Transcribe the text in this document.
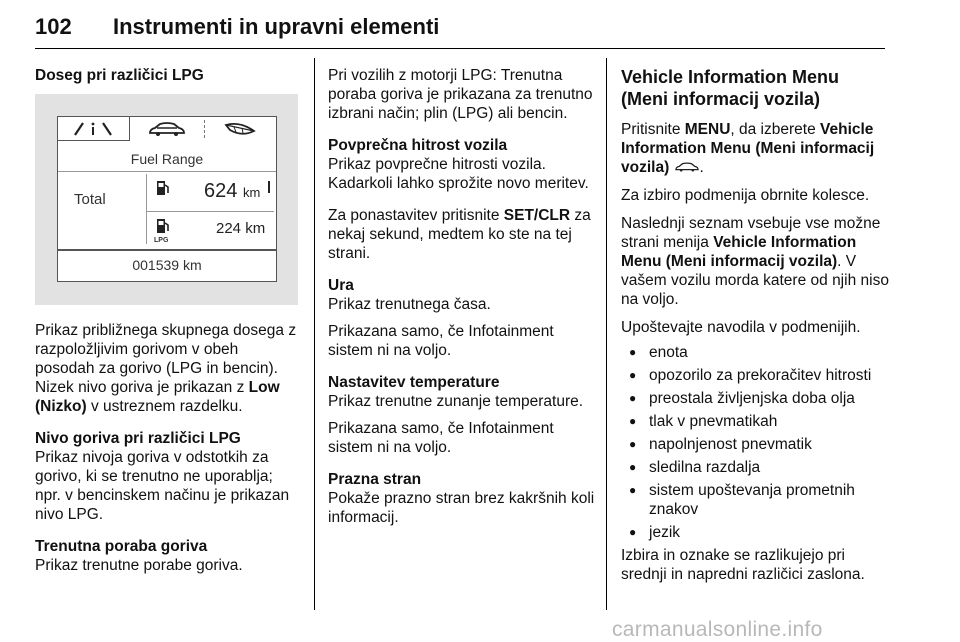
102 Instrumenti in upravni elementi
Doseg pri različici LPG
Fuel Range
Total	624 km
LPG
224 km
001539 km

Prikaz približnega skupnega dosega z razpoložljivim gorivom v obeh posodah za gorivo (LPG in bencin). Nizek nivo goriva je prikazan z Low (Nizko) v ustreznem razdelku.

Nivo goriva pri različici LPG

Prikaz nivoja goriva v odstotkih za gorivo, ki se trenutno ne uporablja; npr. v bencinskem načinu je prikazan nivo LPG.

Trenutna poraba goriva

Prikaz trenutne porabe goriva.

Pri vozilih z motorji LPG: Trenutna poraba goriva je prikazana za trenutno izbrani način; plin (LPG) ali bencin.

Povprečna hitrost vozila

Prikaz povprečne hitrosti vozila. Kadarkoli lahko sprožite novo meritev.

Za ponastavitev pritisnite SET/CLR za nekaj sekund, medtem ko ste na tej strani.

Ura

Prikaz trenutnega časa.

Prikazana samo, če Infotainment sistem ni na voljo.

Nastavitev temperature

Prikaz trenutne zunanje temperature.

Prikazana samo, če Infotainment sistem ni na voljo.

Prazna stran

Pokaže prazno stran brez kakršnih koli informacij.

Vehicle Information Menu (Meni informacij vozila)

Pritisnite MENU, da izberete Vehicle Information Menu (Meni informacij vozila) .

Za izbiro podmenija obrnite kolesce.

Naslednji seznam vsebuje vse možne strani menija Vehicle Information Menu (Meni informacij vozila). V vašem vozilu morda katere od njih niso na voljo.

Upoštevajte navodila v podmenijih.

● enota
● opozorilo za prekoračitev hitrosti
● preostala življenjska doba olja
● tlak v pnevmatikah
● napolnjenost pnevmatik
● sledilna razdalja
● sistem upoštevanja prometnih znakov
● jezik

Izbira in oznake se razlikujejo pri srednji in napredni različici zaslona.

carmanualsonline.info
